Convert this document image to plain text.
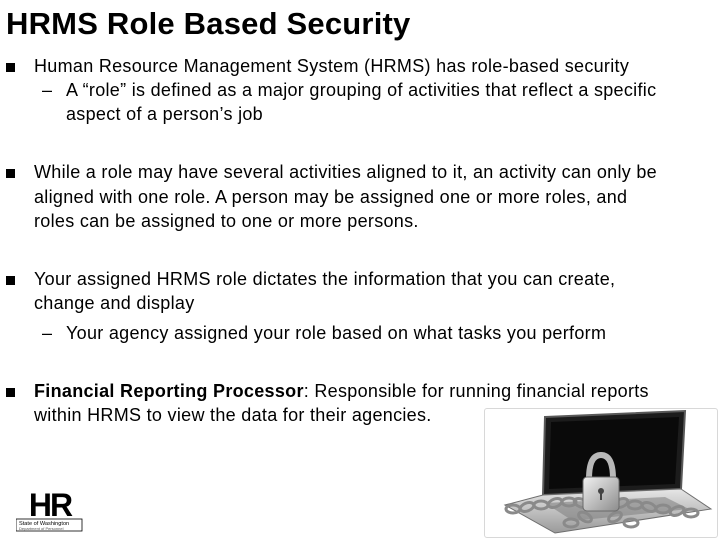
HRMS Role Based Security
Human Resource Management System (HRMS) has role-based security
– A “role” is defined as a major grouping of activities that reflect a specific
aspect of a person’s job
While a role may have several activities aligned to it, an activity can only be
aligned with one role. A person may be assigned one or more roles, and
roles can be assigned to one or more persons.
Your assigned HRMS role dictates the information that you can create,
change and display
– Your agency assigned your role based on what tasks you perform
Financial Reporting Processor: Responsible for running financial reports
within HRMS to view the data for their agencies.
HR
State of Washington
Department of Personnel
